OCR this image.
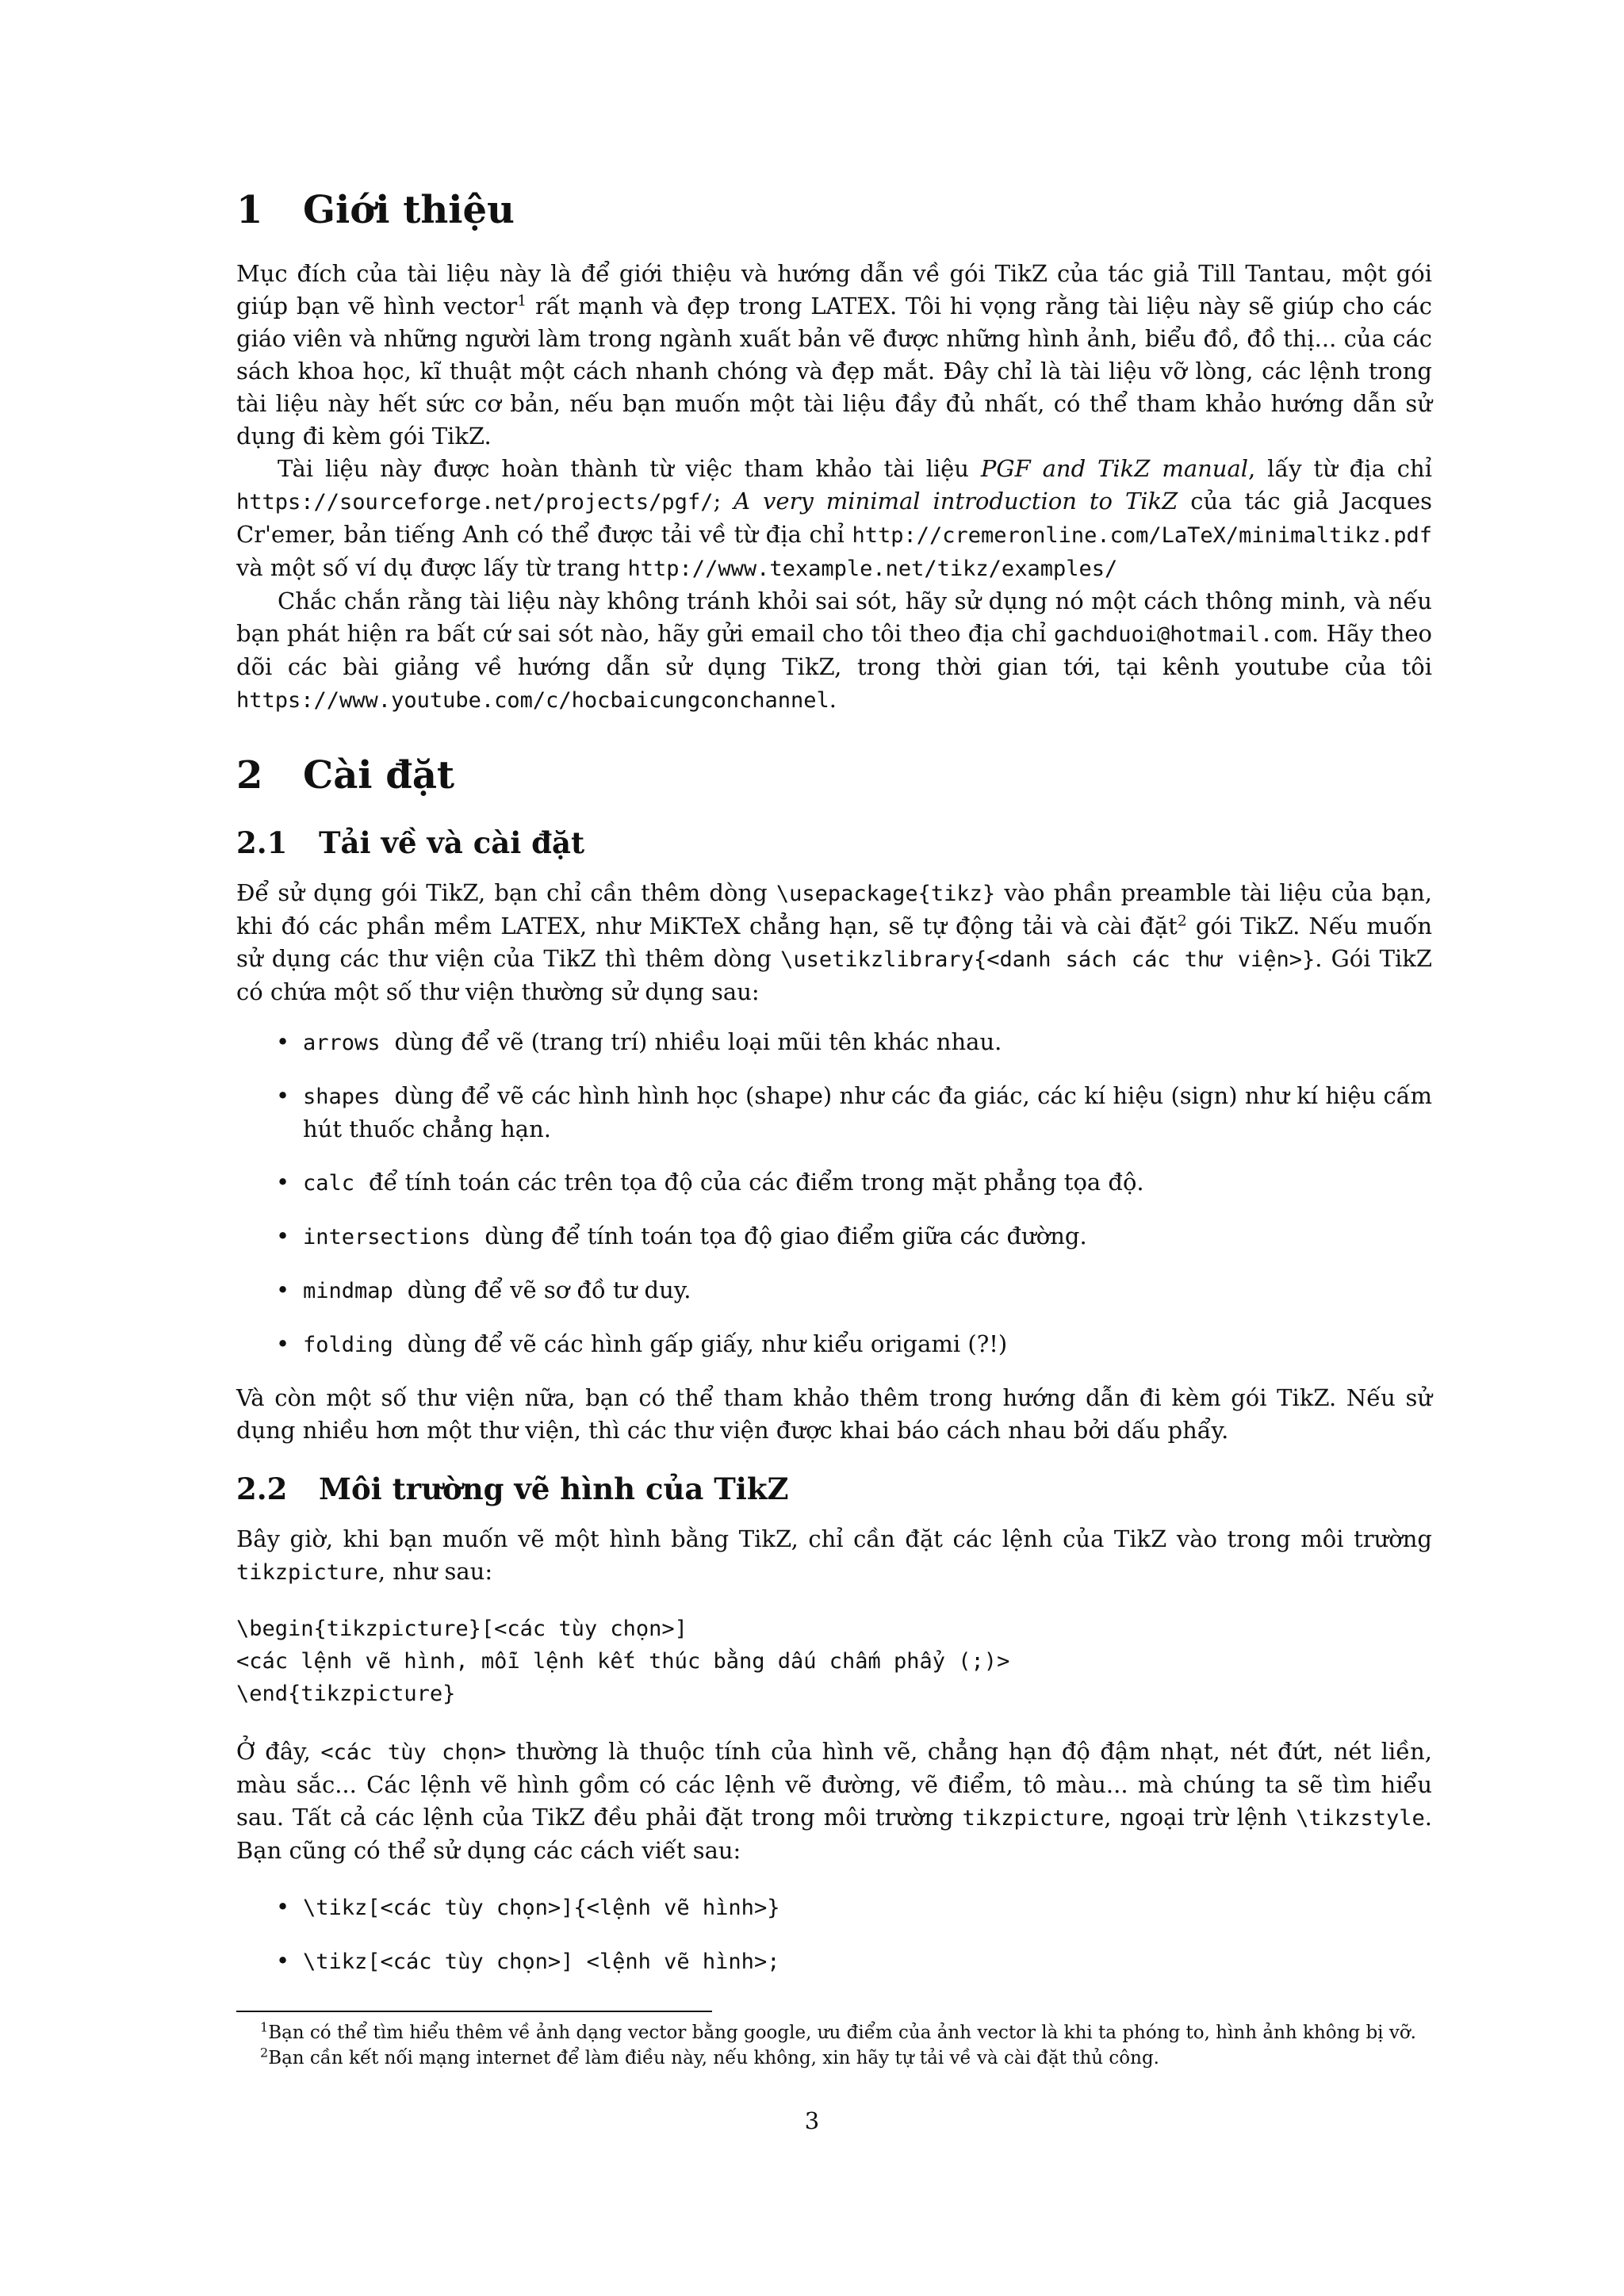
1 Giới thiệu

Mục đích của tài liệu này là để giới thiệu và hướng dẫn về gói TikZ của tác giả Till Tantau, một gói giúp bạn vẽ hình vector$^1$ rất mạnh và đẹp trong LATEX. Tôi hi vọng rằng tài liệu này sẽ giúp cho các giáo viên và những người làm trong ngành xuất bản vẽ được những hình ảnh, biểu đồ, đồ thị... của các sách khoa học, kĩ thuật một cách nhanh chóng và đẹp mắt. Đây chỉ là tài liệu vỡ lòng, các lệnh trong tài liệu này hết sức cơ bản, nếu bạn muốn một tài liệu đầy đủ nhất, có thể tham khảo hướng dẫn sử dụng đi kèm gói TikZ.

Tài liệu này được hoàn thành từ việc tham khảo tài liệu PGF and TikZ manual, lấy từ địa chỉ https://sourceforge.net/projects/pgf/; A very minimal introduction to TikZ của tác giả Jacques Cr'emer, bản tiếng Anh có thể được tải về từ địa chỉ http://cremeronline.com/LaTeX/minimaltikz.pdf và một số ví dụ được lấy từ trang http://www.texample.net/tikz/examples/

Chắc chắn rằng tài liệu này không tránh khỏi sai sót, hãy sử dụng nó một cách thông minh, và nếu bạn phát hiện ra bất cứ sai sót nào, hãy gửi email cho tôi theo địa chỉ gachduoi@hotmail.com. Hãy theo dõi các bài giảng về hướng dẫn sử dụng TikZ, trong thời gian tới, tại kênh youtube của tôi https://www.youtube.com/c/hocbaicungconchannel.

2 Cài đặt
2.1 Tải về và cài đặt

Để sử dụng gói TikZ, bạn chỉ cần thêm dòng \usepackage{tikz} vào phần preamble tài liệu của bạn, khi đó các phần mềm LATEX, như MiKTeX chẳng hạn, sẽ tự động tải và cài đặt$^2$ gói TikZ. Nếu muốn sử dụng các thư viện của TikZ thì thêm dòng \usetikzlibrary{<danh sách các thư viện>}. Gói TikZ có chứa một số thư viện thường sử dụng sau:

• arrows dùng để vẽ (trang trí) nhiều loại mũi tên khác nhau.
• shapes dùng để vẽ các hình hình học (shape) như các đa giác, các kí hiệu (sign) như kí hiệu cấm hút thuốc chẳng hạn.
• calc để tính toán các trên tọa độ của các điểm trong mặt phẳng tọa độ.
• intersections dùng để tính toán tọa độ giao điểm giữa các đường.
• mindmap dùng để vẽ sơ đồ tư duy.
• folding dùng để vẽ các hình gấp giấy, như kiểu origami (?!)

Và còn một số thư viện nữa, bạn có thể tham khảo thêm trong hướng dẫn đi kèm gói TikZ. Nếu sử dụng nhiều hơn một thư viện, thì các thư viện được khai báo cách nhau bởi dấu phẩy.

2.2 Môi trường vẽ hình của TikZ

Bây giờ, khi bạn muốn vẽ một hình bằng TikZ, chỉ cần đặt các lệnh của TikZ vào trong môi trường tikzpicture, như sau:

\begin{tikzpicture}[<các tùy chọn>]
<các lệnh vẽ hình, mỗi lệnh kết thúc bằng dấu chấm phẩy (;)>
\end{tikzpicture}

Ở đây, <các tùy chọn> thường là thuộc tính của hình vẽ, chẳng hạn độ đậm nhạt, nét đứt, nét liền, màu sắc... Các lệnh vẽ hình gồm có các lệnh vẽ đường, vẽ điểm, tô màu... mà chúng ta sẽ tìm hiểu sau. Tất cả các lệnh của TikZ đều phải đặt trong môi trường tikzpicture, ngoại trừ lệnh \tikzstyle. Bạn cũng có thể sử dụng các cách viết sau:

• \tikz[<các tùy chọn>]{<lệnh vẽ hình>}
• \tikz[<các tùy chọn>] <lệnh vẽ hình>;

$^1$Bạn có thể tìm hiểu thêm về ảnh dạng vector bằng google, ưu điểm của ảnh vector là khi ta phóng to, hình ảnh không bị vỡ.

$^2$Bạn cần kết nối mạng internet để làm điều này, nếu không, xin hãy tự tải về và cài đặt thủ công.

3
